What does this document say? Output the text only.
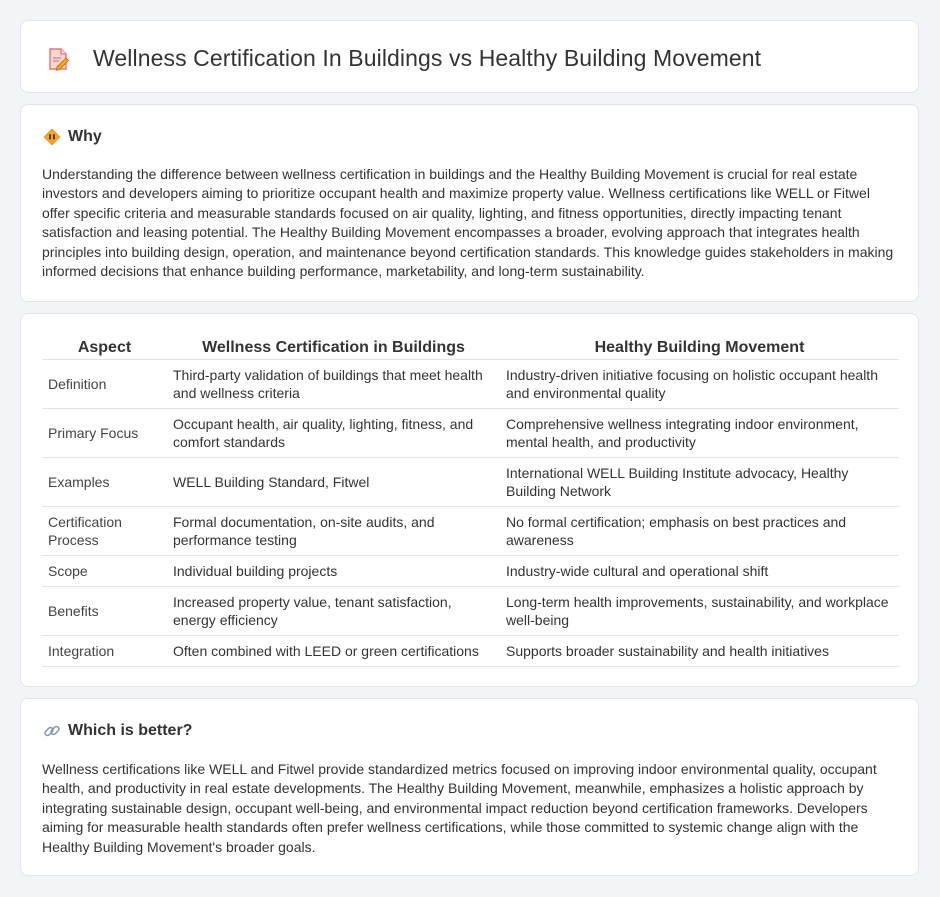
Wellness Certification In Buildings vs Healthy Building Movement
Why

Understanding the difference between wellness certification in buildings and the Healthy Building Movement is crucial for real estate investors and developers aiming to prioritize occupant health and maximize property value. Wellness certifications like WELL or Fitwel offer specific criteria and measurable standards focused on air quality, lighting, and fitness opportunities, directly impacting tenant satisfaction and leasing potential. The Healthy Building Movement encompasses a broader, evolving approach that integrates health principles into building design, operation, and maintenance beyond certification standards. This knowledge guides stakeholders in making informed decisions that enhance building performance, marketability, and long-term sustainability.

Aspect	Wellness Certification in Buildings	Healthy Building Movement
Definition	Third-party validation of buildings that meet health and wellness criteria	Industry-driven initiative focusing on holistic occupant health and environmental quality
Primary Focus	Occupant health, air quality, lighting, fitness, and comfort standards	Comprehensive wellness integrating indoor environment, mental health, and productivity
Examples	WELL Building Standard, Fitwel	International WELL Building Institute advocacy, Healthy Building Network
Certification Process	Formal documentation, on-site audits, and performance testing	No formal certification; emphasis on best practices and awareness
Scope	Individual building projects	Industry-wide cultural and operational shift
Benefits	Increased property value, tenant satisfaction, energy efficiency	Long-term health improvements, sustainability, and workplace well-being
Integration	Often combined with LEED or green certifications	Supports broader sustainability and health initiatives
Which is better?

Wellness certifications like WELL and Fitwel provide standardized metrics focused on improving indoor environmental quality, occupant health, and productivity in real estate developments. The Healthy Building Movement, meanwhile, emphasizes a holistic approach by integrating sustainable design, occupant well-being, and environmental impact reduction beyond certification frameworks. Developers aiming for measurable health standards often prefer wellness certifications, while those committed to systemic change align with the Healthy Building Movement's broader goals.
